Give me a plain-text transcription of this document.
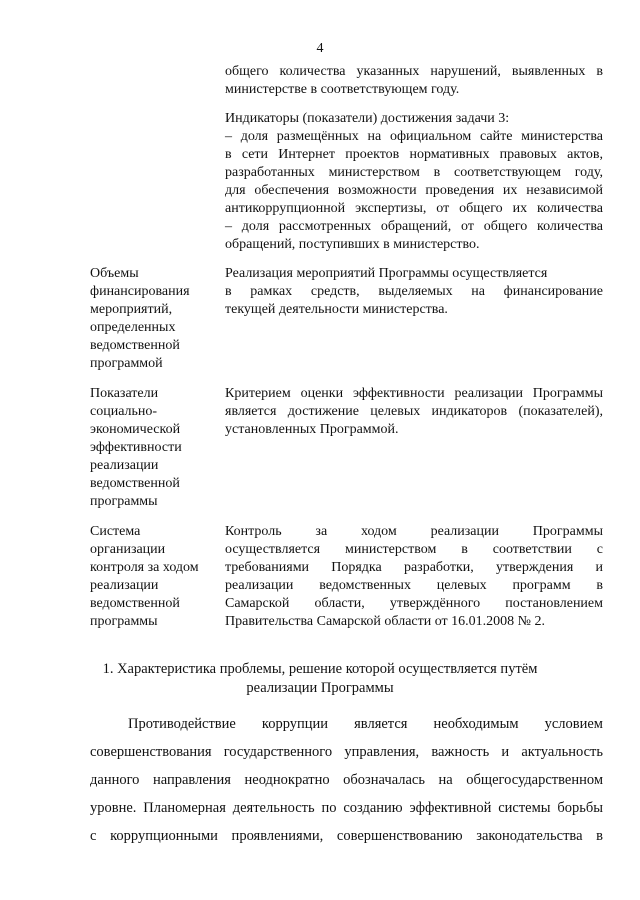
4
общего количества указанных нарушений, выявленных в
министерстве в соответствующем году.
Индикаторы (показатели) достижения задачи 3:
– доля размещённых на официальном сайте министерства
в сети Интернет проектов нормативных правовых актов,
разработанных министерством в соответствующем году,
для обеспечения возможности проведения их независимой
антикоррупционной экспертизы, от общего их количества
– доля рассмотренных обращений, от общего количества
обращений, поступивших в министерство.
Объемы
финансирования
мероприятий,
определенных
ведомственной
программой
Реализация мероприятий Программы осуществляется
в рамках средств, выделяемых на финансирование
текущей деятельности министерства.
Показатели
социально-
экономической
эффективности
реализации
ведомственной
программы
Критерием оценки эффективности реализации Программы
является достижение целевых индикаторов (показателей),
установленных Программой.
Система
организации
контроля за ходом
реализации
ведомственной
программы
Контроль за ходом реализации Программы
осуществляется министерством в соответствии с
требованиями Порядка разработки, утверждения и
реализации ведомственных целевых программ в
Самарской области, утверждённого постановлением
Правительства Самарской области от 16.01.2008 № 2.
1. Характеристика проблемы, решение которой осуществляется путём
реализации Программы
Противодействие коррупции является необходимым условием
совершенствования государственного управления, важность и актуальность
данного направления неоднократно обозначалась на общегосударственном
уровне. Планомерная деятельность по созданию эффективной системы борьбы
с коррупционными проявлениями, совершенствованию законодательства в
